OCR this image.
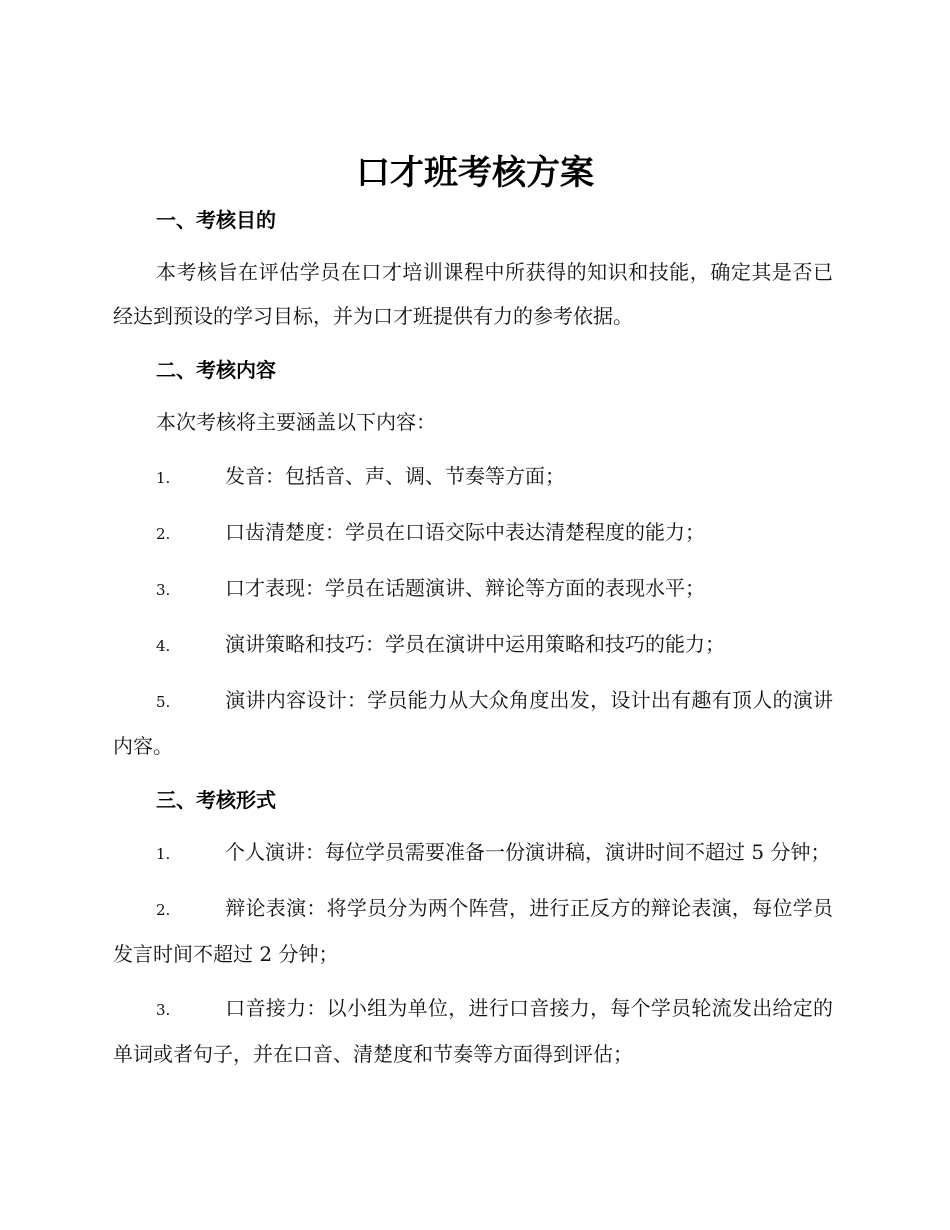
口才班考核方案
一、考核目的

本考核旨在评估学员在口才培训课程中所获得的知识和技能，确定其是否已经达到预设的学习目标，并为口才班提供有力的参考依据。

二、考核内容

本次考核将主要涵盖以下内容：

1.	发音：包括音、声、调、节奏等方面；

2.	口齿清楚度：学员在口语交际中表达清楚程度的能力；

3.	口才表现：学员在话题演讲、辩论等方面的表现水平；

4.	演讲策略和技巧：学员在演讲中运用策略和技巧的能力；

5.	演讲内容设计：学员能力从大众角度出发，设计出有趣有顶人的演讲内容。

三、考核形式

1.	个人演讲：每位学员需要准备一份演讲稿，演讲时间不超过 5 分钟；

2.	辩论表演：将学员分为两个阵营，进行正反方的辩论表演，每位学员发言时间不超过 2 分钟；

3.	口音接力：以小组为单位，进行口音接力，每个学员轮流发出给定的单词或者句子，并在口音、清楚度和节奏等方面得到评估；
